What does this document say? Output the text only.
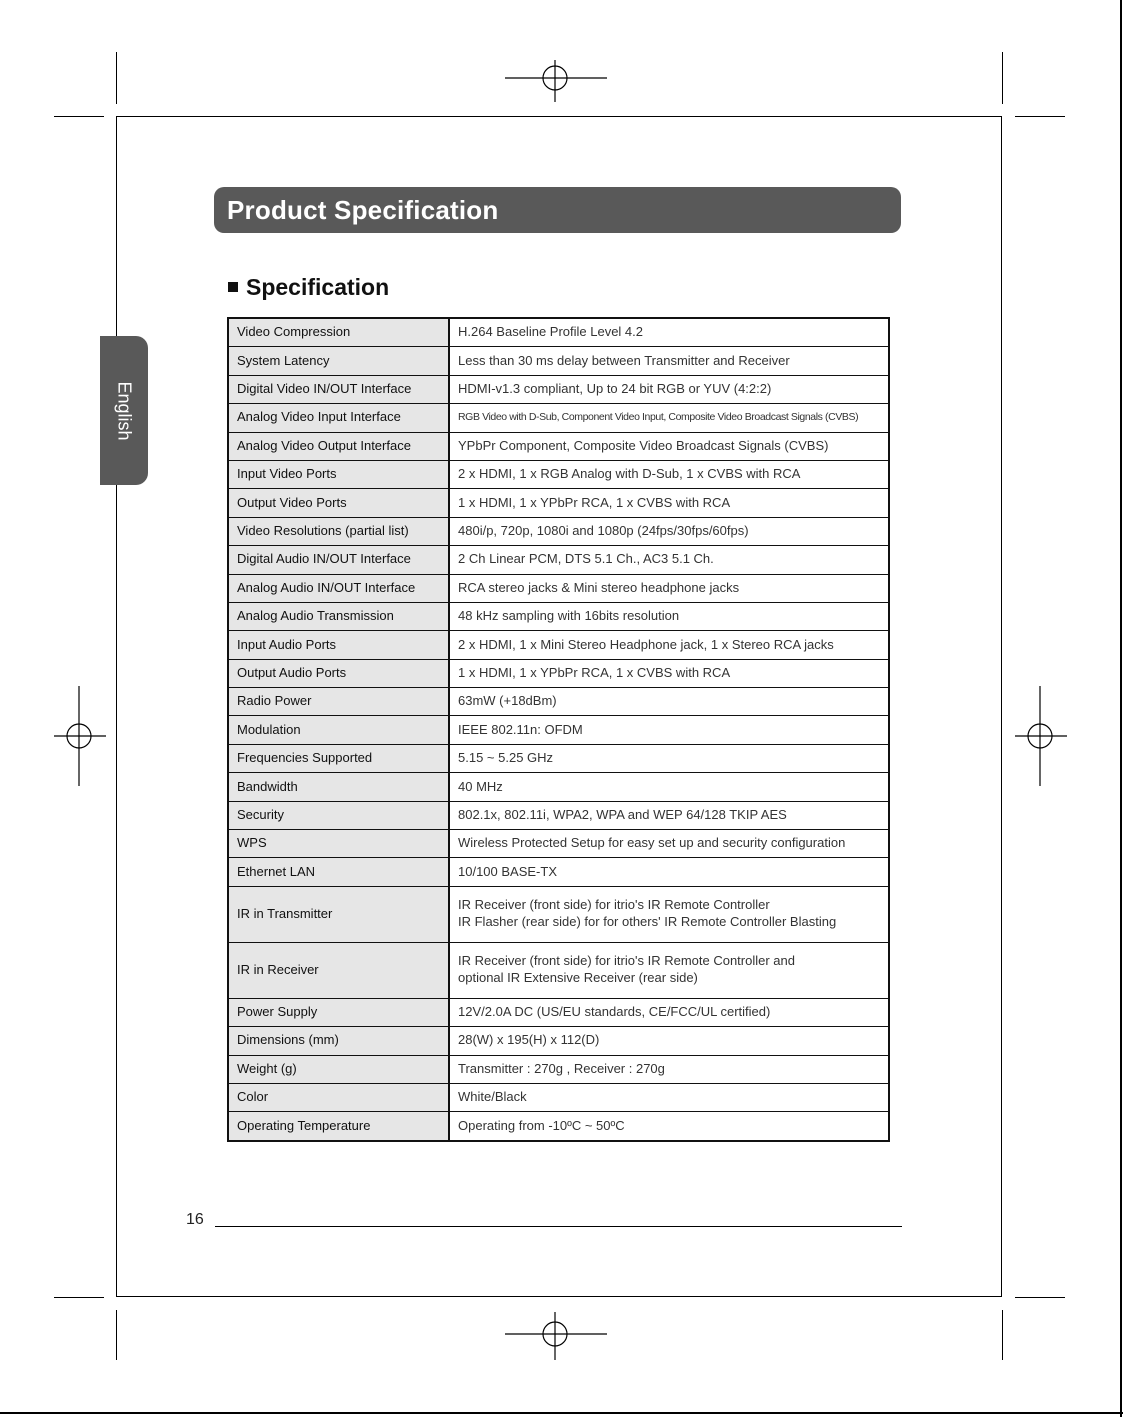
English
Product Specification
Specification
Video Compression	H.264 Baseline Profile Level 4.2
System Latency	Less than 30 ms delay between Transmitter and Receiver
Digital Video IN/OUT Interface	HDMI-v1.3 compliant, Up to 24 bit RGB or YUV (4:2:2)
Analog Video Input Interface	RGB Video with D-Sub, Component Video Input, Composite Video Broadcast Signals (CVBS)
Analog Video Output Interface	YPbPr Component, Composite Video Broadcast Signals (CVBS)
Input Video Ports	2 x HDMI, 1 x RGB Analog with D-Sub, 1 x CVBS with RCA
Output Video Ports	1 x HDMI, 1 x YPbPr RCA, 1 x CVBS with RCA
Video Resolutions (partial list)	480i/p, 720p, 1080i and 1080p (24fps/30fps/60fps)
Digital Audio IN/OUT Interface	2 Ch Linear PCM, DTS 5.1 Ch., AC3 5.1 Ch.
Analog Audio IN/OUT Interface	RCA stereo jacks & Mini stereo headphone jacks
Analog Audio Transmission	48 kHz sampling with 16bits resolution
Input Audio Ports	2 x HDMI, 1 x Mini Stereo Headphone jack, 1 x Stereo RCA jacks
Output Audio Ports	1 x HDMI, 1 x YPbPr RCA, 1 x CVBS with RCA
Radio Power	63mW (+18dBm)
Modulation	IEEE 802.11n: OFDM
Frequencies Supported	5.15 ~ 5.25 GHz
Bandwidth	40 MHz
Security	802.1x, 802.11i, WPA2, WPA and WEP 64/128 TKIP AES
WPS	Wireless Protected Setup for easy set up and security configuration
Ethernet LAN	10/100 BASE-TX
IR in Transmitter	IR Receiver (front side) for itrio's IR Remote Controller
IR Flasher (rear side) for for others' IR Remote Controller Blasting

IR in Receiver	IR Receiver (front side) for itrio's IR Remote Controller and
optional IR Extensive Receiver (rear side)

Power Supply	12V/2.0A DC (US/EU standards, CE/FCC/UL certified)
Dimensions (mm)	28(W) x 195(H) x 112(D)
Weight (g)	Transmitter : 270g , Receiver : 270g
Color	White/Black
Operating Temperature	Operating from -10ºC ~ 50ºC
16
